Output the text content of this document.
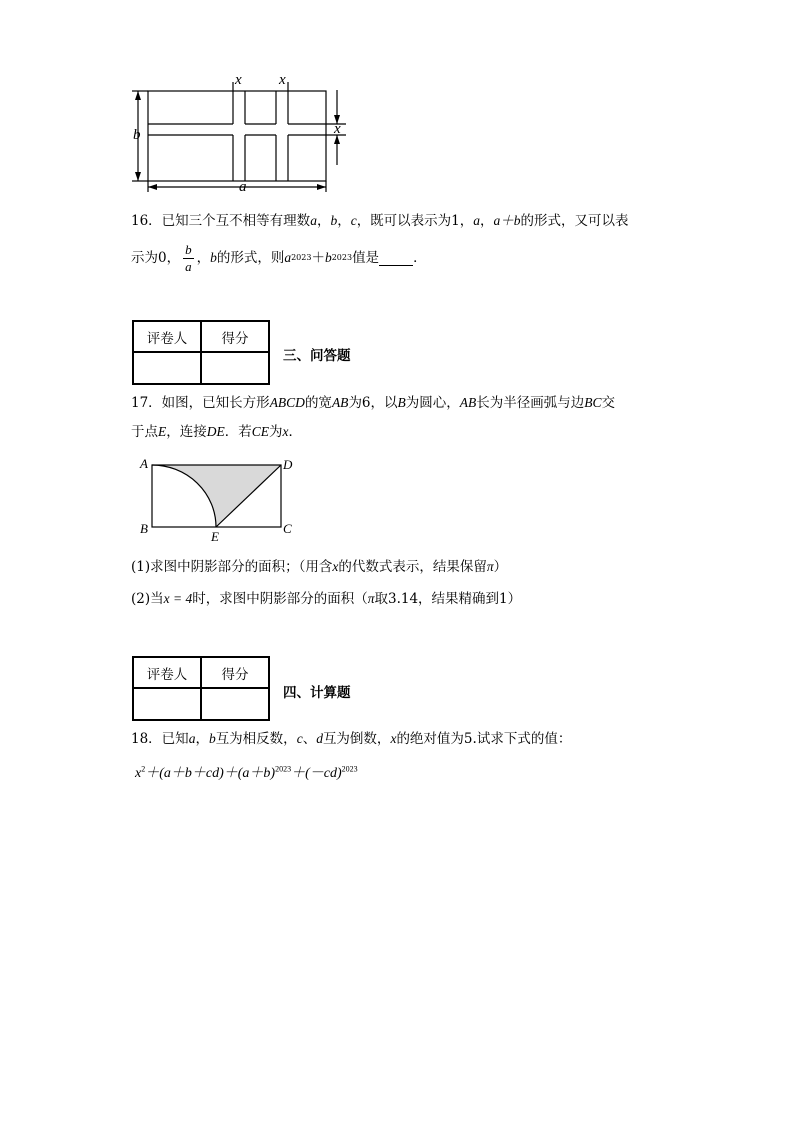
x x
x
b
a
16．已知三个互不相等有理数a，b，c，既可以表示为1，a，a＋b的形式，又可以表
示为0， $\frac{b}{a}$ ， b 的形式，则 a 2023 ＋ b 2023 值是	．
评卷人	得分

三、问答题
17．如图，已知长方形ABCD的宽AB为6，以B为圆心，AB长为半径画弧与边BC交
于点E，连接DE．若CE为x．
A	D
B	C
E
(1)求图中阴影部分的面积；（用含x的代数式表示，结果保留π）
(2)当x = 4时，求图中阴影部分的面积（π取3.14，结果精确到1）
评卷人	得分

四、计算题
18．已知a，b互为相反数，c、d互为倒数，x的绝对值为5.试求下式的值：
$x^2+(a+b+cd)+(a+b)^{2023}+(-cd)^{2023}$
